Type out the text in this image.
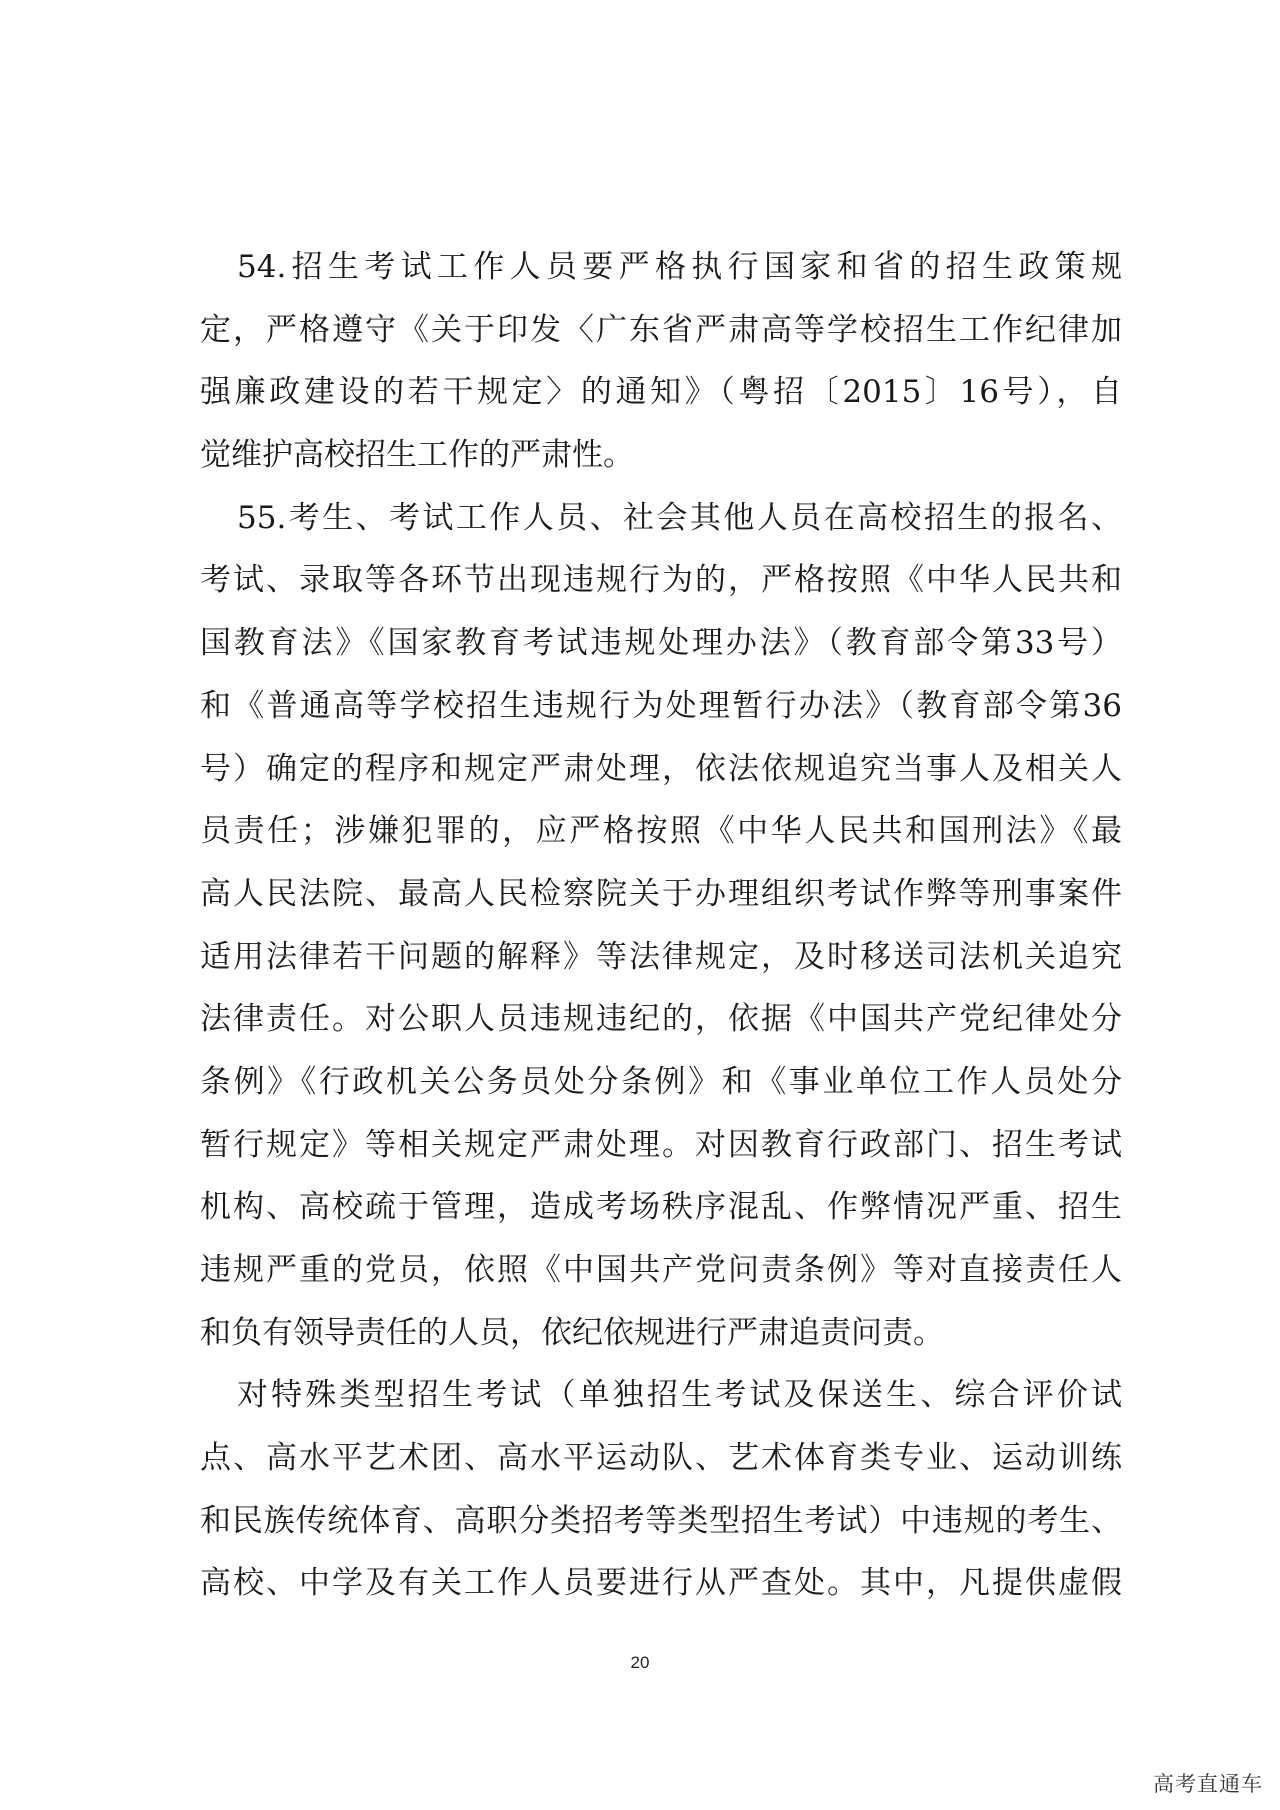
54.招生考试工作人员要严格执行国家和省的招生政策规
定，严格遵守《关于印发〈广东省严肃高等学校招生工作纪律加
强廉政建设的若干规定〉的通知》（粤招〔2015〕16号），自
觉维护高校招生工作的严肃性。
55.考生、考试工作人员、社会其他人员在高校招生的报名、
考试、录取等各环节出现违规行为的，严格按照《中华人民共和
国教育法》《国家教育考试违规处理办法》（教育部令第33号）
和《普通高等学校招生违规行为处理暂行办法》（教育部令第36
号）确定的程序和规定严肃处理，依法依规追究当事人及相关人
员责任；涉嫌犯罪的，应严格按照《中华人民共和国刑法》《最
高人民法院、最高人民检察院关于办理组织考试作弊等刑事案件
适用法律若干问题的解释》等法律规定，及时移送司法机关追究
法律责任。对公职人员违规违纪的，依据《中国共产党纪律处分
条例》《行政机关公务员处分条例》和《事业单位工作人员处分
暂行规定》等相关规定严肃处理。对因教育行政部门、招生考试
机构、高校疏于管理，造成考场秩序混乱、作弊情况严重、招生
违规严重的党员，依照《中国共产党问责条例》等对直接责任人
和负有领导责任的人员，依纪依规进行严肃追责问责。
对特殊类型招生考试（单独招生考试及保送生、综合评价试
点、高水平艺术团、高水平运动队、艺术体育类专业、运动训练
和民族传统体育、高职分类招考等类型招生考试）中违规的考生、
高校、中学及有关工作人员要进行从严查处。其中，凡提供虚假
20
高考直通车
